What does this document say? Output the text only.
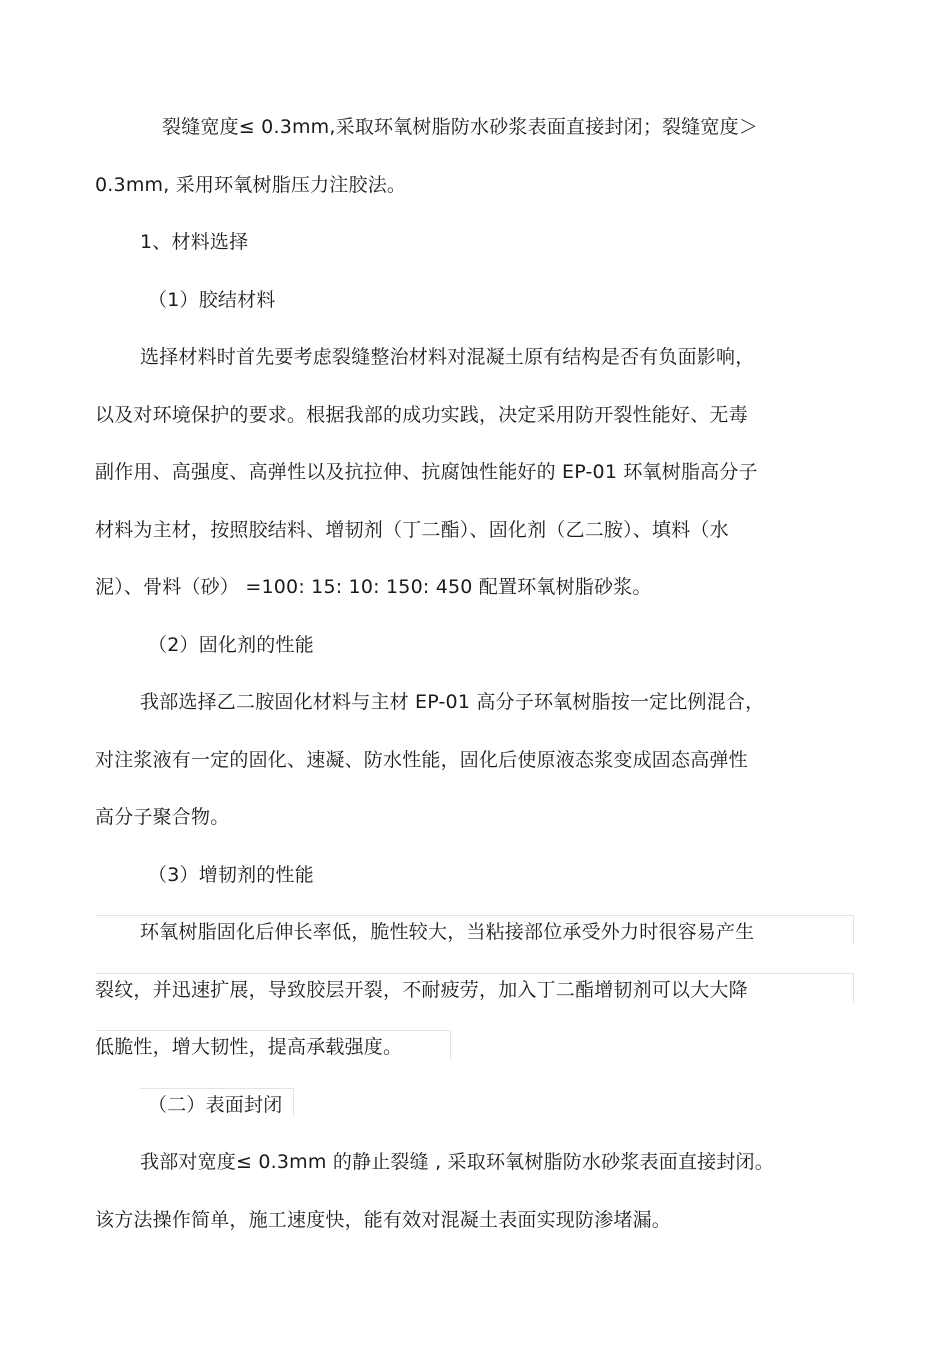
裂缝宽度≤ 0.3mm,采取环氧树脂防水砂浆表面直接封闭；裂缝宽度＞
0.3mm, 采用环氧树脂压力注胶法。
1、材料选择
（1）胶结材料
选择材料时首先要考虑裂缝整治材料对混凝土原有结构是否有负面影响，
以及对环境保护的要求。根据我部的成功实践，决定采用防开裂性能好、无毒
副作用、高强度、高弹性以及抗拉伸、抗腐蚀性能好的 EP-01 环氧树脂高分子
材料为主材，按照胶结料、增韧剂（丁二酯）、固化剂（乙二胺）、填料（水
泥）、骨料（砂） =100: 15: 10: 150: 450 配置环氧树脂砂浆。
（2）固化剂的性能
我部选择乙二胺固化材料与主材 EP-01 高分子环氧树脂按一定比例混合，
对注浆液有一定的固化、速凝、防水性能，固化后使原液态浆变成固态高弹性
高分子聚合物。
（3）增韧剂的性能
环氧树脂固化后伸长率低，脆性较大，当粘接部位承受外力时很容易产生
裂纹，并迅速扩展，导致胶层开裂，不耐疲劳，加入丁二酯增韧剂可以大大降
低脆性，增大韧性，提高承载强度。
（二）表面封闭
我部对宽度≤ 0.3mm 的静止裂缝 , 采取环氧树脂防水砂浆表面直接封闭。
该方法操作简单，施工速度快，能有效对混凝土表面实现防渗堵漏。
